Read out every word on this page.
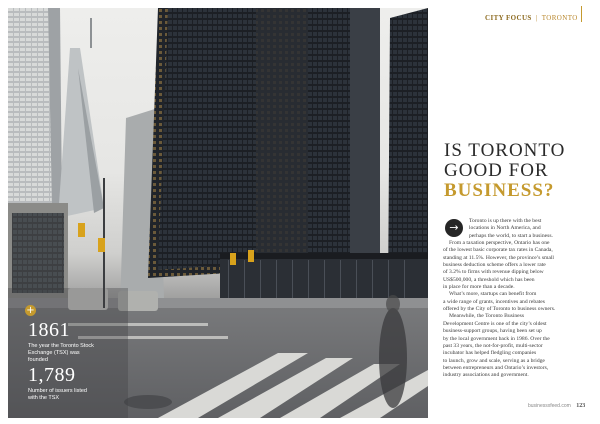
+
1861
The year the Toronto Stock Exchange (TSX) was founded
1,789
Number of issuers listed with the TSX
CITY FOCUS | TORONTO
IS TORONTO
GOOD FOR
BUSINESS?
→	Toronto is up there with the best
locations in North America, and
perhaps the world, to start a business.
From a taxation perspective, Ontario has one
of the lowest basic corporate tax rates in Canada,
standing at 11.5%. However, the province’s small
business deduction scheme offers a lower rate
of 3.2% to firms with revenue dipping below
US$500,000, a threshold which has been
in place for more than a decade.
What’s more, startups can benefit from
a wide range of grants, incentives and rebates
offered by the City of Toronto to business owners.
Meanwhile, the Toronto Business
Development Centre is one of the city’s oldest
business-support groups, having been set up
by the local government back in 1986. Over the
past 33 years, the not-for-profit, multi-sector
incubator has helped fledgling companies
to launch, grow and scale, serving as a bridge
between entrepreneurs and Ontario’s investors,
industry associations and government.

businessxfeed.com 123
